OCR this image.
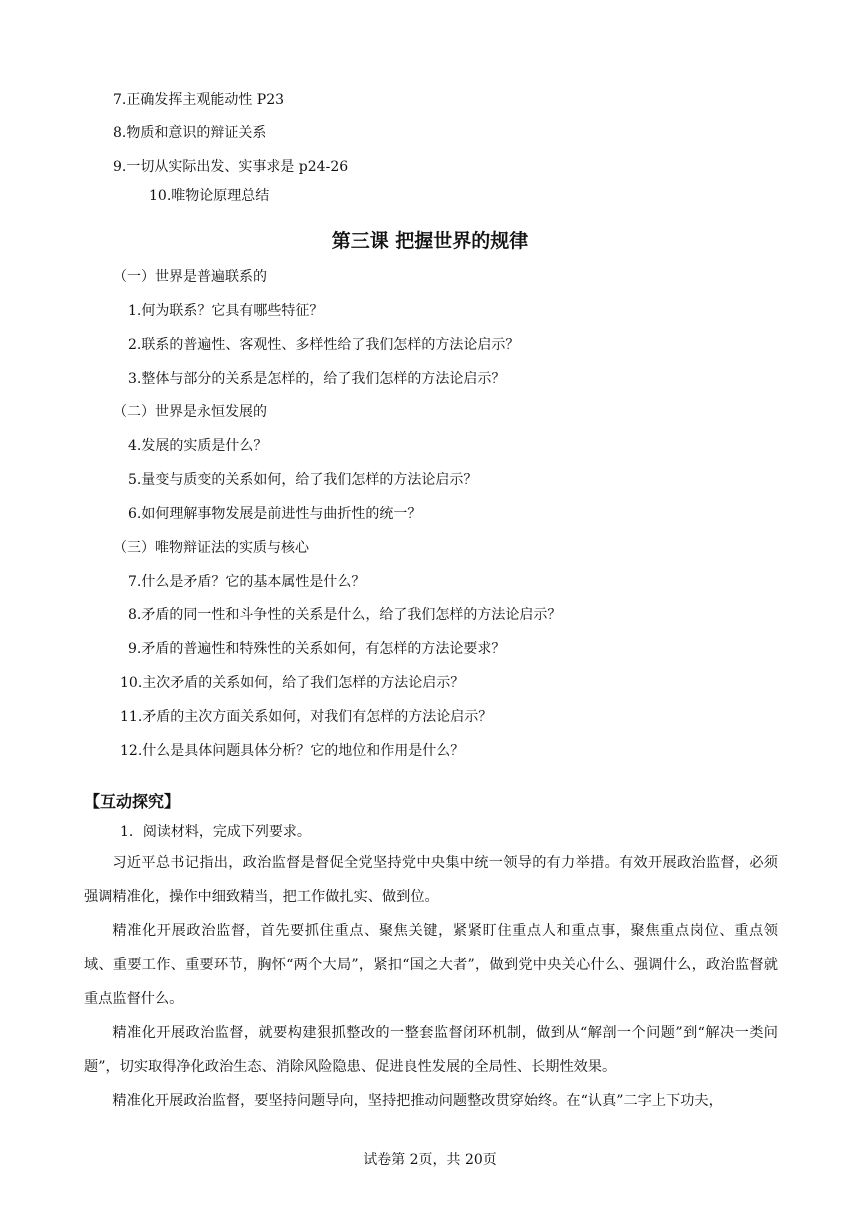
7.正确发挥主观能动性 P23
8.物质和意识的辩证关系
9.一切从实际出发、实事求是 p24-26
10.唯物论原理总结
第三课 把握世界的规律
（一）世界是普遍联系的
1.何为联系？它具有哪些特征？
2.联系的普遍性、客观性、多样性给了我们怎样的方法论启示？
3.整体与部分的关系是怎样的，给了我们怎样的方法论启示？
（二）世界是永恒发展的
4.发展的实质是什么？
5.量变与质变的关系如何，给了我们怎样的方法论启示？
6.如何理解事物发展是前进性与曲折性的统一？
（三）唯物辩证法的实质与核心
7.什么是矛盾？它的基本属性是什么？
8.矛盾的同一性和斗争性的关系是什么，给了我们怎样的方法论启示？
9.矛盾的普遍性和特殊性的关系如何，有怎样的方法论要求？
10.主次矛盾的关系如何，给了我们怎样的方法论启示？
11.矛盾的主次方面关系如何，对我们有怎样的方法论启示？
12.什么是具体问题具体分析？它的地位和作用是什么？
【互动探究】
1．阅读材料，完成下列要求。
习近平总书记指出，政治监督是督促全党坚持党中央集中统一领导的有力举措。有效开展政治监督，必须强调精准化，操作中细致精当，把工作做扎实、做到位。
精准化开展政治监督，首先要抓住重点、聚焦关键，紧紧盯住重点人和重点事，聚焦重点岗位、重点领域、重要工作、重要环节，胸怀“两个大局”，紧扣“国之大者”，做到党中央关心什么、强调什么，政治监督就重点监督什么。
精准化开展政治监督，就要构建狠抓整改的一整套监督闭环机制，做到从“解剖一个问题”到“解决一类问题”，切实取得净化政治生态、消除风险隐患、促进良性发展的全局性、长期性效果。
精准化开展政治监督，要坚持问题导向，坚持把推动问题整改贯穿始终。在“认真”二字上下功夫，
试卷第 2页，共 20页
